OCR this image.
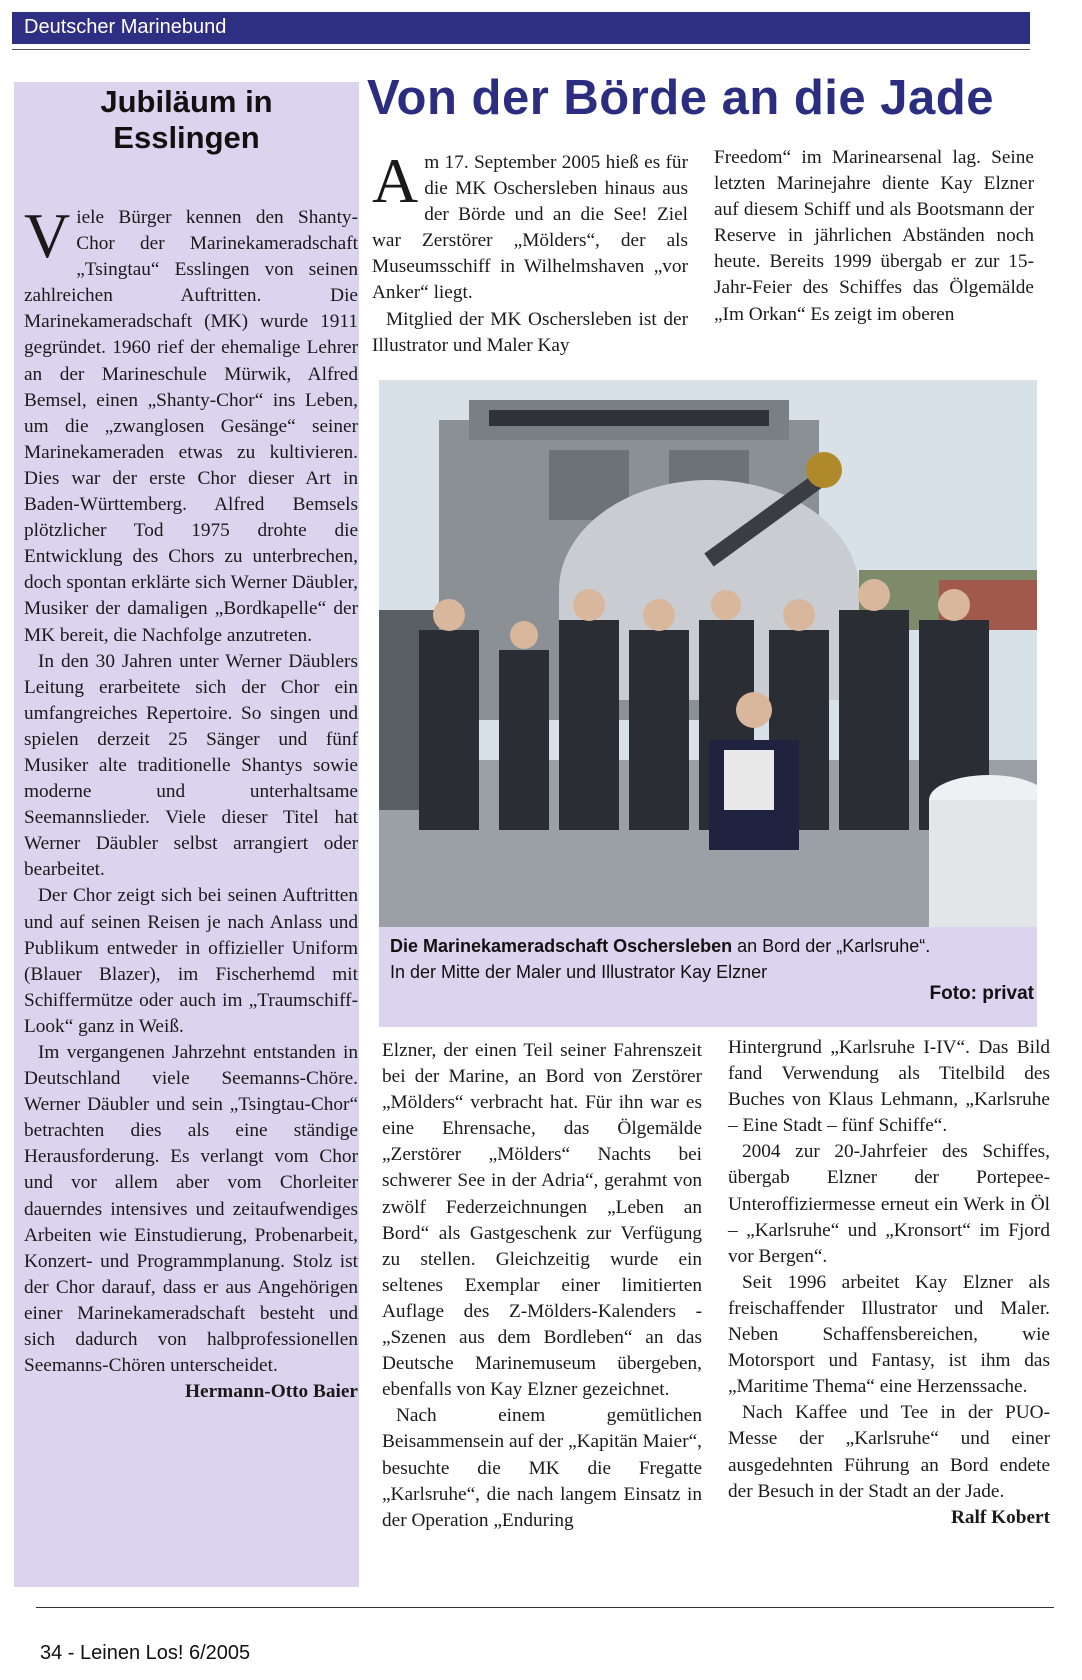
Deutscher Marinebund
Jubiläum in
Esslingen

Viele Bürger kennen den Shanty-Chor der Marinekameradschaft „Tsingtau“ Esslingen von seinen zahlreichen Auftritten. Die Marinekameradschaft (MK) wurde 1911 gegründet. 1960 rief der ehemalige Lehrer an der Marineschule Mürwik, Alfred Bemsel, einen „Shanty-Chor“ ins Leben, um die „zwanglosen Gesänge“ seiner Marinekameraden etwas zu kultivieren. Dies war der erste Chor dieser Art in Baden-Württemberg. Alfred Bemsels plötzlicher Tod 1975 drohte die Entwicklung des Chors zu unterbrechen, doch spontan erklärte sich Werner Däubler, Musiker der damaligen „Bordkapelle“ der MK bereit, die Nachfolge anzutreten.

In den 30 Jahren unter Werner Däublers Leitung erarbeitete sich der Chor ein umfangreiches Repertoire. So singen und spielen derzeit 25 Sänger und fünf Musiker alte traditionelle Shantys sowie moderne und unterhaltsame Seemannslieder. Viele dieser Titel hat Werner Däubler selbst arrangiert oder bearbeitet.

Der Chor zeigt sich bei seinen Auftritten und auf seinen Reisen je nach Anlass und Publikum entweder in offizieller Uniform (Blauer Blazer), im Fischerhemd mit Schiffermütze oder auch im „Traumschiff-Look“ ganz in Weiß.

Im vergangenen Jahrzehnt entstanden in Deutschland viele Seemanns-Chöre. Werner Däubler und sein „Tsingtau-Chor“ betrachten dies als eine ständige Herausforderung. Es verlangt vom Chor und vor allem aber vom Chorleiter dauerndes intensives und zeitaufwendiges Arbeiten wie Einstudierung, Probenarbeit, Konzert- und Programmplanung. Stolz ist der Chor darauf, dass er aus Angehörigen einer Marinekameradschaft besteht und sich dadurch von halbprofessionellen Seemanns-Chören unterscheidet.
Hermann-Otto Baier

Von der Börde an die Jade

Am 17. September 2005 hieß es für die MK Oschersleben hinaus aus der Börde und an die See! Ziel war Zerstörer „Mölders“, der als Museumsschiff in Wilhelmshaven „vor Anker“ liegt.

Mitglied der MK Oschersleben ist der Illustrator und Maler Kay

Freedom“ im Marinearsenal lag. Seine letzten Marinejahre diente Kay Elzner auf diesem Schiff und als Bootsmann der Reserve in jährlichen Abständen noch heute. Bereits 1999 übergab er zur 15-Jahr-Feier des Schiffes das Ölgemälde „Im Orkan“ Es zeigt im oberen

Die Marinekameradschaft Oschersleben an Bord der „Karlsruhe“.
In der Mitte der Maler und Illustrator Kay Elzner
Foto: privat

Elzner, der einen Teil seiner Fahrenszeit bei der Marine, an Bord von Zerstörer „Mölders“ verbracht hat. Für ihn war es eine Ehrensache, das Ölgemälde „Zerstörer „Mölders“ Nachts bei schwerer See in der Adria“, gerahmt von zwölf Federzeichnungen „Leben an Bord“ als Gastgeschenk zur Verfügung zu stellen. Gleichzeitig wurde ein seltenes Exemplar einer limitierten Auflage des Z-Mölders-Kalenders - „Szenen aus dem Bordleben“ an das Deutsche Marinemuseum übergeben, ebenfalls von Kay Elzner gezeichnet.

Nach einem gemütlichen Beisammensein auf der „Kapitän Maier“, besuchte die MK die Fregatte „Karlsruhe“, die nach langem Einsatz in der Operation „Enduring

Hintergrund „Karlsruhe I-IV“. Das Bild fand Verwendung als Titelbild des Buches von Klaus Lehmann, „Karlsruhe – Eine Stadt – fünf Schiffe“.

2004 zur 20-Jahrfeier des Schiffes, übergab Elzner der Portepee-Unteroffiziermesse erneut ein Werk in Öl – „Karlsruhe“ und „Kronsort“ im Fjord vor Bergen“.

Seit 1996 arbeitet Kay Elzner als freischaffender Illustrator und Maler. Neben Schaffensbereichen, wie Motorsport und Fantasy, ist ihm das „Maritime Thema“ eine Herzenssache.

Nach Kaffee und Tee in der PUO-Messe der „Karlsruhe“ und einer ausgedehnten Führung an Bord endete der Besuch in der Stadt an der Jade.
Ralf Kobert

34 - Leinen Los! 6/2005
